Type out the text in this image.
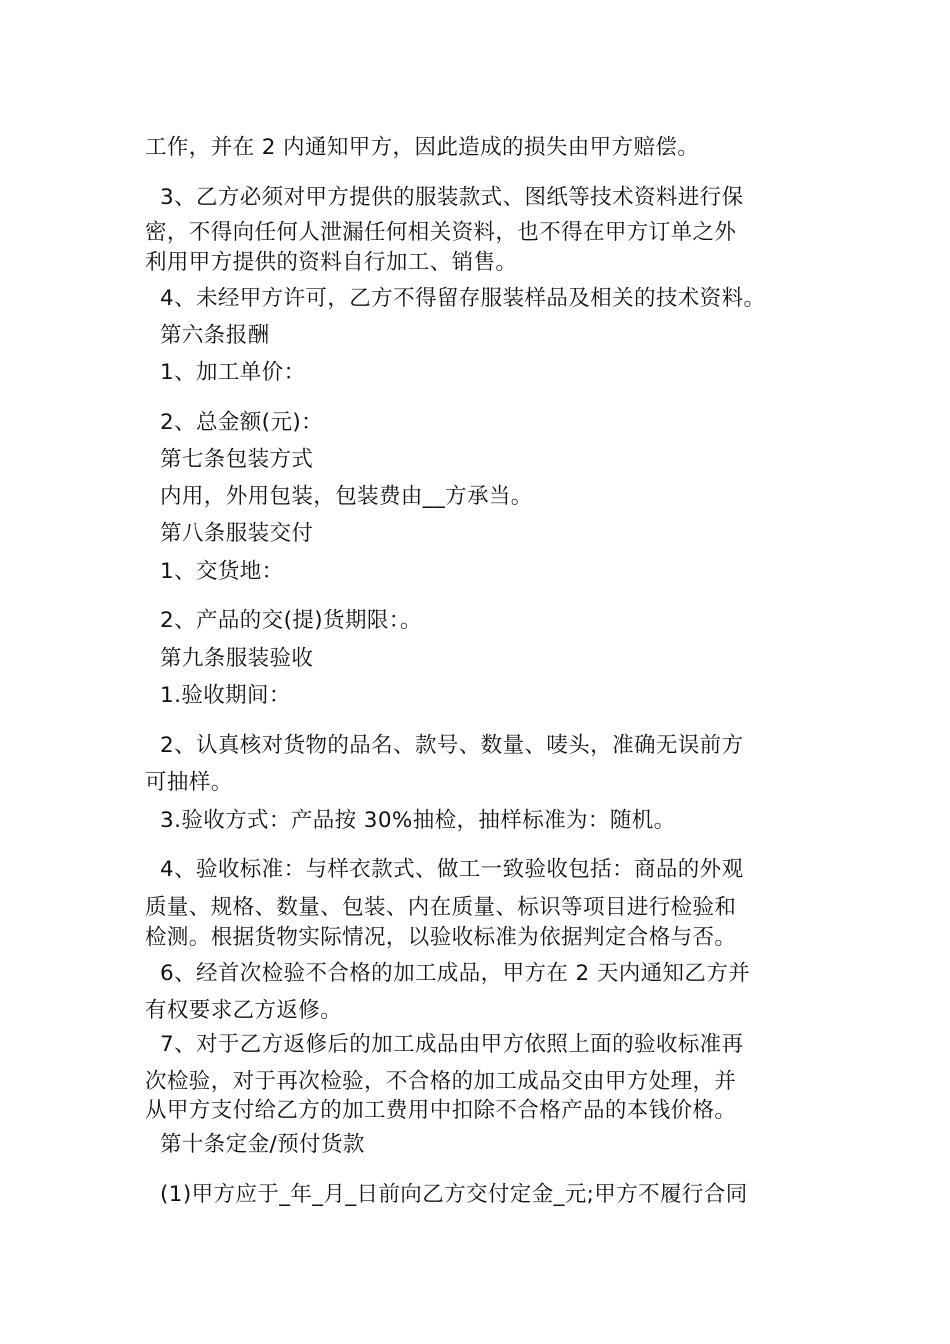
工作，并在 2 内通知甲方，因此造成的损失由甲方赔偿。
3、乙方必须对甲方提供的服装款式、图纸等技术资料进行保
密，不得向任何人泄漏任何相关资料，也不得在甲方订单之外
利用甲方提供的资料自行加工、销售。
4、未经甲方许可，乙方不得留存服装样品及相关的技术资料。
第六条报酬
1、加工单价：
2、总金额(元)：
第七条包装方式
内用，外用包装，包装费由__方承当。
第八条服装交付
1、交货地：
2、产品的交(提)货期限：。
第九条服装验收
1.验收期间：
2、认真核对货物的品名、款号、数量、唛头，准确无误前方
可抽样。
3.验收方式：产品按 30%抽检，抽样标准为：随机。
4、验收标准：与样衣款式、做工一致验收包括：商品的外观
质量、规格、数量、包装、内在质量、标识等项目进行检验和
检测。根据货物实际情况，以验收标准为依据判定合格与否。
6、经首次检验不合格的加工成品，甲方在 2 天内通知乙方并
有权要求乙方返修。
7、对于乙方返修后的加工成品由甲方依照上面的验收标准再
次检验，对于再次检验，不合格的加工成品交由甲方处理，并
从甲方支付给乙方的加工费用中扣除不合格产品的本钱价格。
第十条定金/预付货款
(1)甲方应于_年_月_日前向乙方交付定金_元;甲方不履行合同
